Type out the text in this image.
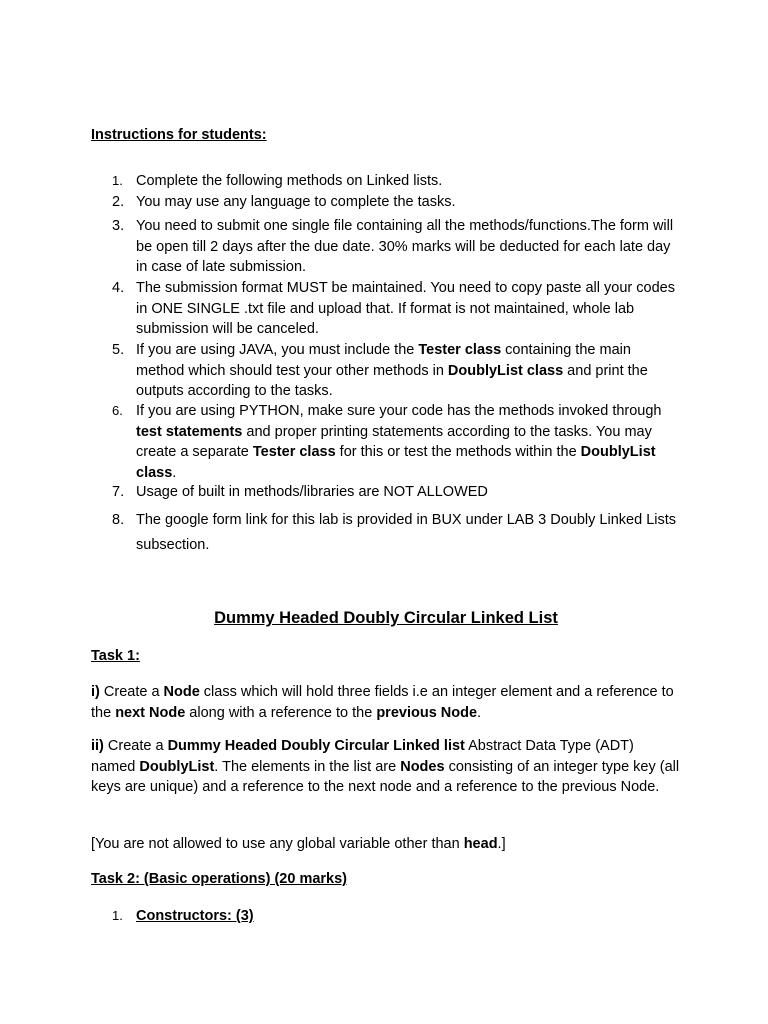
Instructions for students:
1. Complete the following methods on Linked lists.
2. You may use any language to complete the tasks.
3. You need to submit one single file containing all the methods/functions.The form will be open till 2 days after the due date. 30% marks will be deducted for each late day in case of late submission.
4. The submission format MUST be maintained. You need to copy paste all your codes in ONE SINGLE .txt file and upload that. If format is not maintained, whole lab submission will be canceled.
5. If you are using JAVA, you must include the Tester class containing the main method which should test your other methods in DoublyList class and print the outputs according to the tasks.
6. If you are using PYTHON, make sure your code has the methods invoked through test statements and proper printing statements according to the tasks. You may create a separate Tester class for this or test the methods within the DoublyList class.
7. Usage of built in methods/libraries are NOT ALLOWED
8. The google form link for this lab is provided in BUX under LAB 3 Doubly Linked Lists subsection.
Dummy Headed Doubly Circular Linked List
Task 1:
i) Create a Node class which will hold three fields i.e an integer element and a reference to the next Node along with a reference to the previous Node.
ii) Create a Dummy Headed Doubly Circular Linked list Abstract Data Type (ADT) named DoublyList. The elements in the list are Nodes consisting of an integer type key (all keys are unique) and a reference to the next node and a reference to the previous Node.
[You are not allowed to use any global variable other than head.]
Task 2: (Basic operations) (20 marks)
1. Constructors: (3)
